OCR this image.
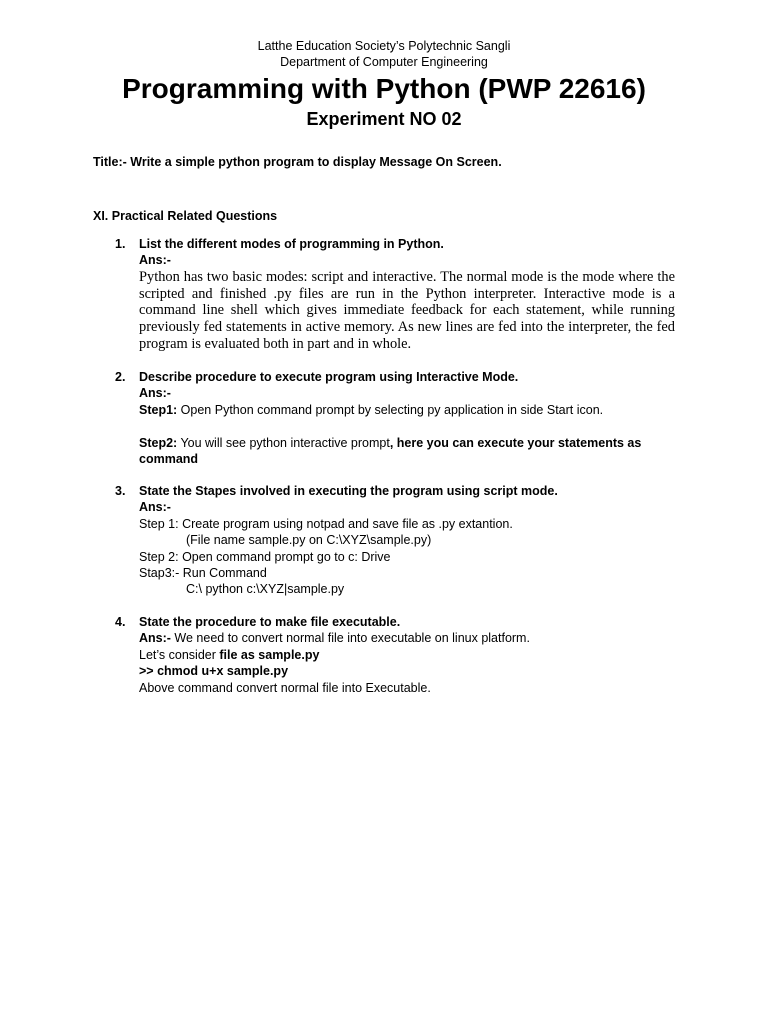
Latthe Education Society’s Polytechnic Sangli

Department of Computer Engineering

Programming with Python (PWP 22616)
Experiment NO 02

Title:- Write a simple python program to display Message On Screen.

XI. Practical Related Questions

1. List the different modes of programming in Python.

Ans:-

Python has two basic modes: script and interactive. The normal mode is the mode where the scripted and finished .py files are run in the Python interpreter. Interactive mode is a command line shell which gives immediate feedback for each statement, while running previously fed statements in active memory. As new lines are fed into the interpreter, the fed program is evaluated both in part and in whole.

2. Describe procedure to execute program using Interactive Mode.

Ans:-

Step1: Open Python command prompt by selecting py application in side Start icon.

Step2: You will see python interactive prompt, here you can execute your statements as

command

3. State the Stapes involved in executing the program using script mode.

Ans:-

Step 1: Create program using notpad and save file as .py extantion.

(File name sample.py on C:\XYZ\sample.py)

Step 2: Open command prompt go to c: Drive

Stap3:- Run Command

C:\ python c:\XYZ|sample.py

4. State the procedure to make file executable.

Ans:- We need to convert normal file into executable on linux platform.

Let’s consider file as sample.py

>> chmod u+x sample.py

Above command convert normal file into Executable.
